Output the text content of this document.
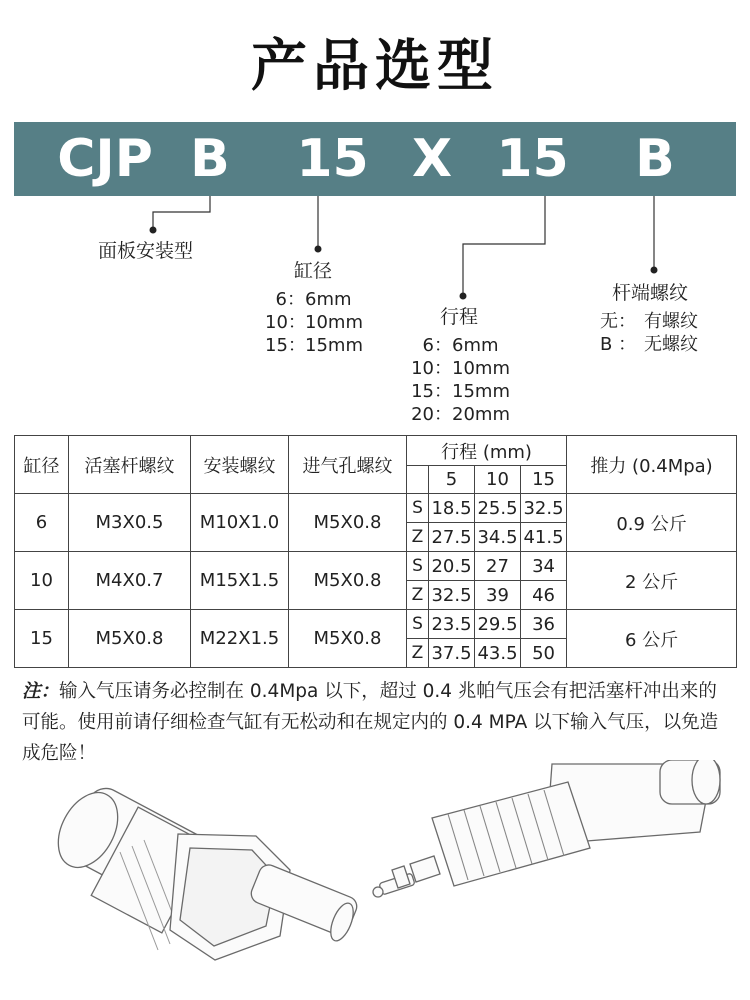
产品选型
CJP B 15 X 15 B
面板安装型
缸径
6：6mm
10：10mm
15：15mm
行程
6：6mm
10：10mm
15：15mm
20：20mm
杆端螺纹
无： 有螺纹
B ： 无螺纹
缸径	活塞杆螺纹	安装螺纹	进气孔螺纹	行程 (mm)				推力 (0.4Mpa)
					5	10	15	
6	M3X0.5	M10X1.0	M5X0.8	S	18.5	25.5	32.5	0.9 公斤
				Z	27.5	34.5	41.5	
10	M4X0.7	M15X1.5	M5X0.8	S	20.5	27	34	2 公斤
				Z	32.5	39	46	
15	M5X0.8	M22X1.5	M5X0.8	S	23.5	29.5	36	6 公斤
				Z	37.5	43.5	50	
注：输入气压请务必控制在 0.4Mpa 以下，超过 0.4 兆帕气压会有把活塞杆冲出来的可能。使用前请仔细检查气缸有无松动和在规定内的 0.4 MPA 以下输入气压，以免造成危险！
